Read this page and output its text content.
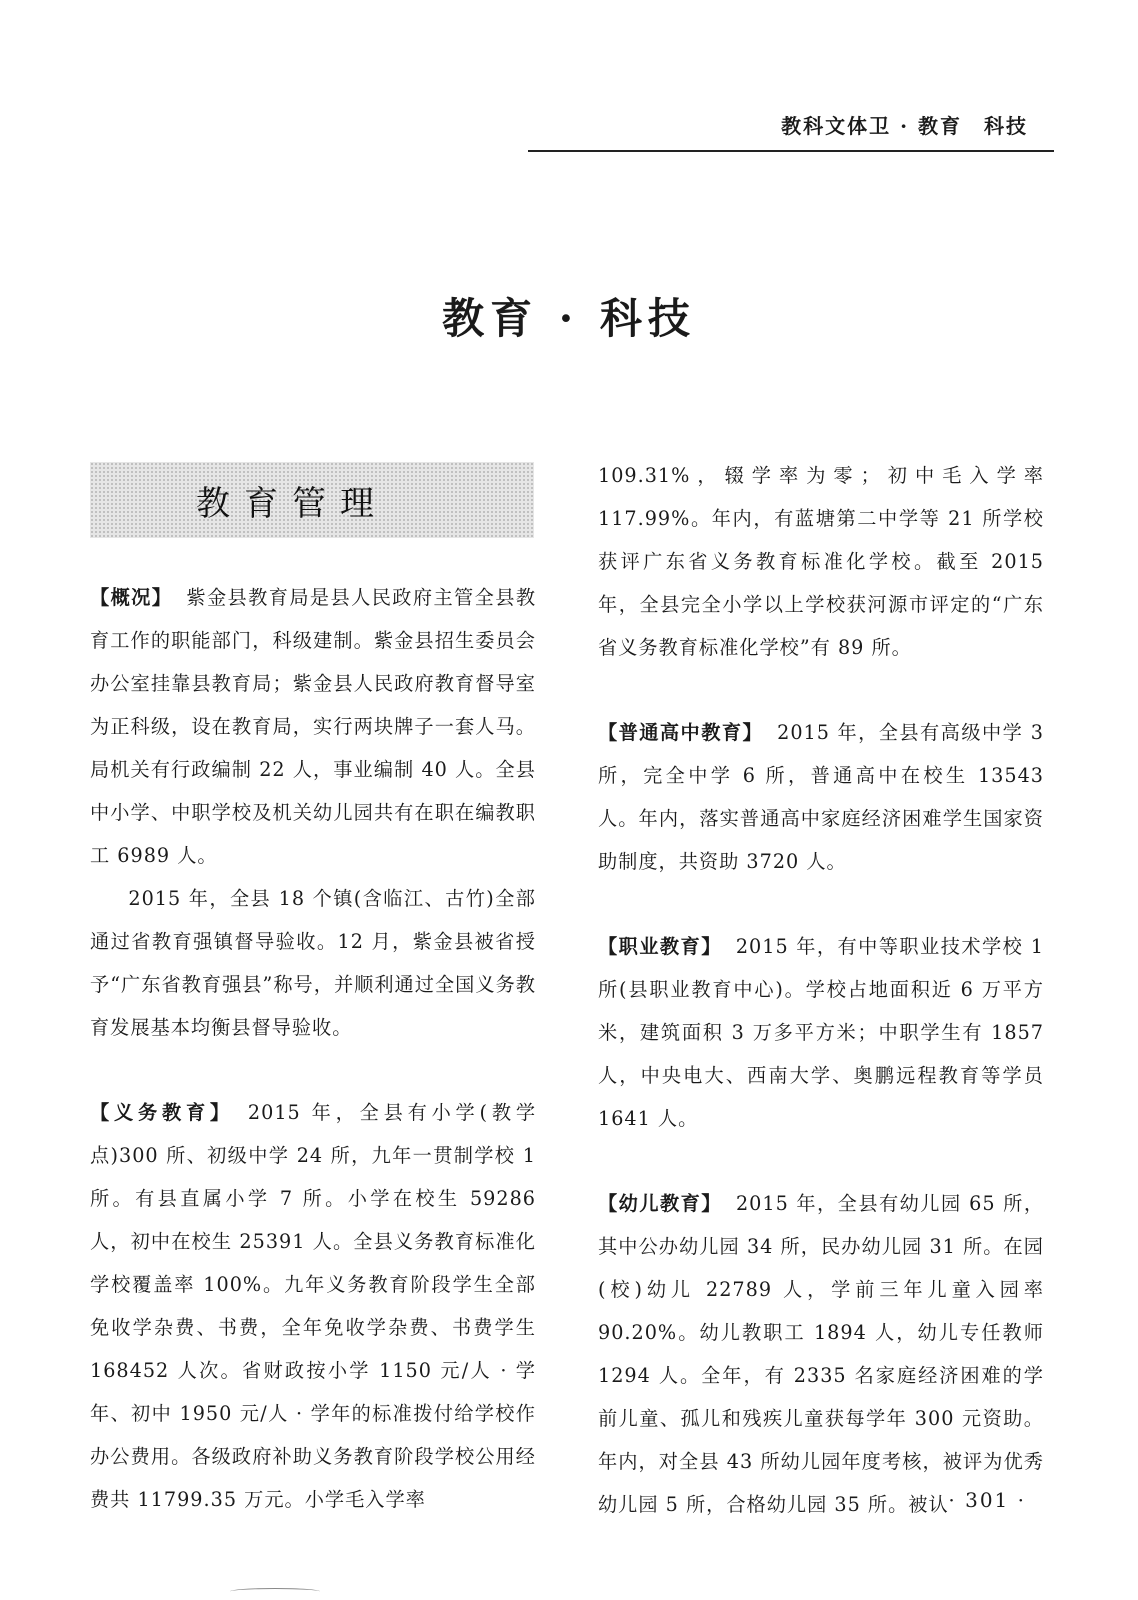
教科文体卫 · 教育　科技
教育 · 科技
教育管理

【概况】 紫金县教育局是县人民政府主管全县教育工作的职能部门，科级建制。紫金县招生委员会办公室挂靠县教育局；紫金县人民政府教育督导室为正科级，设在教育局，实行两块牌子一套人马。局机关有行政编制 22 人，事业编制 40 人。全县中小学、中职学校及机关幼儿园共有在职在编教职工 6989 人。

2015 年，全县 18 个镇(含临江、古竹)全部通过省教育强镇督导验收。12 月，紫金县被省授予“广东省教育强县”称号，并顺利通过全国义务教育发展基本均衡县督导验收。

【义务教育】 2015 年，全县有小学(教学点)300 所、初级中学 24 所，九年一贯制学校 1 所。有县直属小学 7 所。小学在校生 59286 人，初中在校生 25391 人。全县义务教育标准化学校覆盖率 100%。九年义务教育阶段学生全部免收学杂费、书费，全年免收学杂费、书费学生 168452 人次。省财政按小学 1150 元/人 · 学年、初中 1950 元/人 · 学年的标准拨付给学校作办公费用。各级政府补助义务教育阶段学校公用经费共 11799.35 万元。小学毛入学率

109.31%，辍学率为零；初中毛入学率 117.99%。年内，有蓝塘第二中学等 21 所学校获评广东省义务教育标准化学校。截至 2015 年，全县完全小学以上学校获河源市评定的“广东省义务教育标准化学校”有 89 所。

【普通高中教育】 2015 年，全县有高级中学 3 所，完全中学 6 所，普通高中在校生 13543 人。年内，落实普通高中家庭经济困难学生国家资助制度，共资助 3720 人。

【职业教育】 2015 年，有中等职业技术学校 1 所(县职业教育中心)。学校占地面积近 6 万平方米，建筑面积 3 万多平方米；中职学生有 1857 人，中央电大、西南大学、奥鹏远程教育等学员 1641 人。

【幼儿教育】 2015 年，全县有幼儿园 65 所，其中公办幼儿园 34 所，民办幼儿园 31 所。在园(校)幼儿 22789 人，学前三年儿童入园率 90.20%。幼儿教职工 1894 人，幼儿专任教师 1294 人。全年，有 2335 名家庭经济困难的学前儿童、孤儿和残疾儿童获每学年 300 元资助。年内，对全县 43 所幼儿园年度考核，被评为优秀幼儿园 5 所，合格幼儿园 35 所。被认 · 301 ·
